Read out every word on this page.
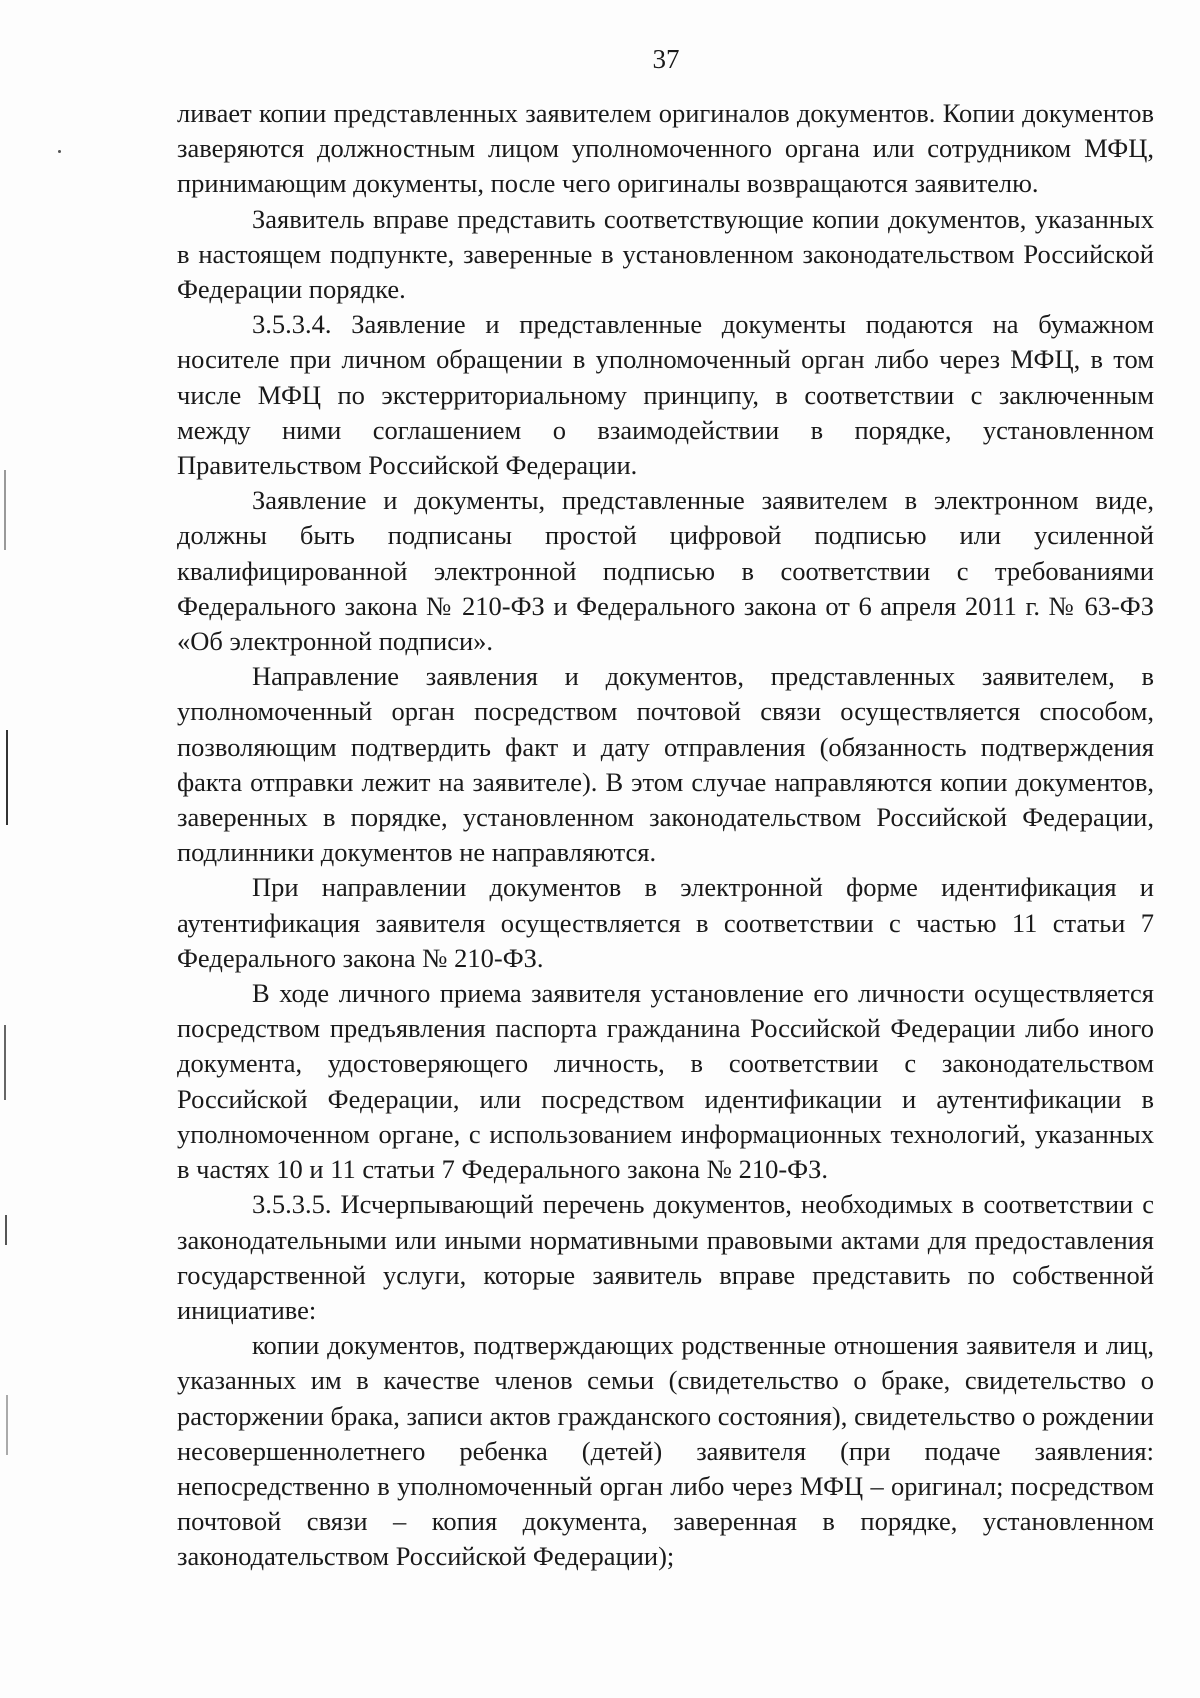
37

ливает копии представленных заявителем оригиналов документов. Копии документов заверяются должностным лицом уполномоченного органа или сотрудником МФЦ, принимающим документы, после чего оригиналы возвращаются заявителю.

Заявитель вправе представить соответствующие копии документов, указанных в настоящем подпункте, заверенные в установленном законодательством Российской Федерации порядке.

3.5.3.4. Заявление и представленные документы подаются на бумажном носителе при личном обращении в уполномоченный орган либо через МФЦ, в том числе МФЦ по экстерриториальному принципу, в соответствии с заключенным между ними соглашением о взаимодействии в порядке, установленном Правительством Российской Федерации.

Заявление и документы, представленные заявителем в электронном виде, должны быть подписаны простой цифровой подписью или усиленной квалифицированной электронной подписью в соответствии с требованиями Федерального закона № 210-ФЗ и Федерального закона от 6 апреля 2011 г. № 63-ФЗ «Об электронной подписи».

Направление заявления и документов, представленных заявителем, в уполномоченный орган посредством почтовой связи осуществляется способом, позволяющим подтвердить факт и дату отправления (обязанность подтверждения факта отправки лежит на заявителе). В этом случае направляются копии документов, заверенных в порядке, установленном законодательством Российской Федерации, подлинники документов не направляются.

При направлении документов в электронной форме идентификация и аутентификация заявителя осуществляется в соответствии с частью 11 статьи 7 Федерального закона № 210-ФЗ.

В ходе личного приема заявителя установление его личности осуществляется посредством предъявления паспорта гражданина Российской Федерации либо иного документа, удостоверяющего личность, в соответствии с законодательством Российской Федерации, или посредством идентификации и аутентификации в уполномоченном органе, с использованием информационных технологий, указанных в частях 10 и 11 статьи 7 Федерального закона № 210-ФЗ.

3.5.3.5. Исчерпывающий перечень документов, необходимых в соответствии с законодательными или иными нормативными правовыми актами для предоставления государственной услуги, которые заявитель вправе представить по собственной инициативе:

копии документов, подтверждающих родственные отношения заявителя и лиц, указанных им в качестве членов семьи (свидетельство о браке, свидетельство о расторжении брака, записи актов гражданского состояния), свидетельство о рождении несовершеннолетнего ребенка (детей) заявителя (при подаче заявления: непосредственно в уполномоченный орган либо через МФЦ – оригинал; посредством почтовой связи – копия документа, заверенная в порядке, установленном законодательством Российской Федерации);
